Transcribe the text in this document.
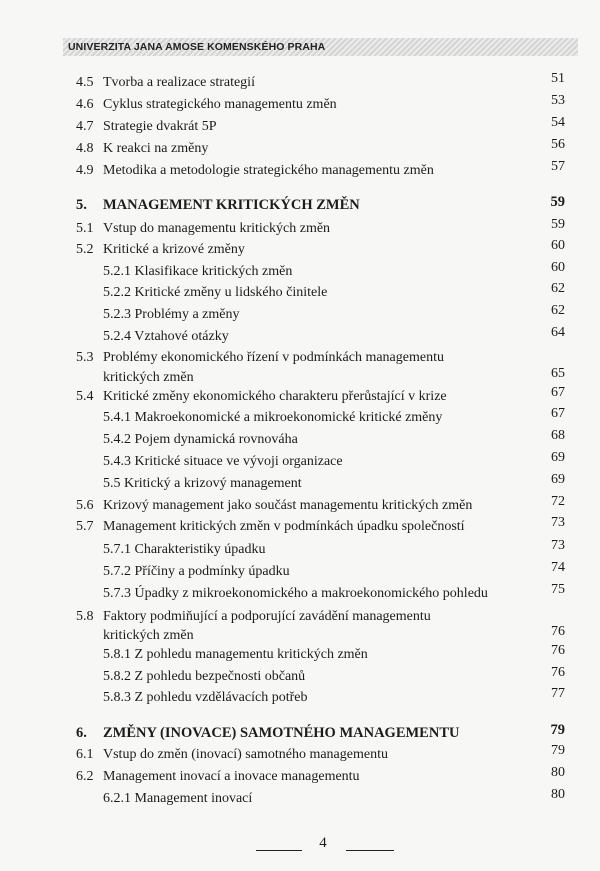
UNIVERZITA JANA AMOSE KOMENSKÉHO PRAHA
4.5 Tvorba a realizace strategií	51
4.6 Cyklus strategického managementu změn	53
4.7 Strategie dvakrát 5P	54
4.8 K reakci na změny	56
4.9 Metodika a metodologie strategického managementu změn	57
5. MANAGEMENT KRITICKÝCH ZMĚN	59
5.1 Vstup do managementu kritických změn	59
5.2 Kritické a krizové změny	60
5.2.1 Klasifikace kritických změn	60
5.2.2 Kritické změny u lidského činitele	62
5.2.3 Problémy a změny	62
5.2.4 Vztahové otázky	64
5.3 Problémy ekonomického řízení v podmínkách managementu
kritických změn	65
5.4 Kritické změny ekonomického charakteru přerůstající v krize	67
5.4.1 Makroekonomické a mikroekonomické kritické změny	67
5.4.2 Pojem dynamická rovnováha	68
5.4.3 Kritické situace ve vývoji organizace	69
5.5 Kritický a krizový management	69
5.6 Krizový management jako součást managementu kritických změn	72
5.7 Management kritických změn v podmínkách úpadku společností	73
5.7.1 Charakteristiky úpadku	73
5.7.2 Příčiny a podmínky úpadku	74
5.7.3 Úpadky z mikroekonomického a makroekonomického pohledu	75
5.8 Faktory podmiňující a podporující zavádění managementu
kritických změn	76
5.8.1 Z pohledu managementu kritických změn	76
5.8.2 Z pohledu bezpečnosti občanů	76
5.8.3 Z pohledu vzdělávacích potřeb	77
6. ZMĚNY (INOVACE) SAMOTNÉHO MANAGEMENTU	79
6.1 Vstup do změn (inovací) samotného managementu	79
6.2 Management inovací a inovace managementu	80
6.2.1 Management inovací	80
4
